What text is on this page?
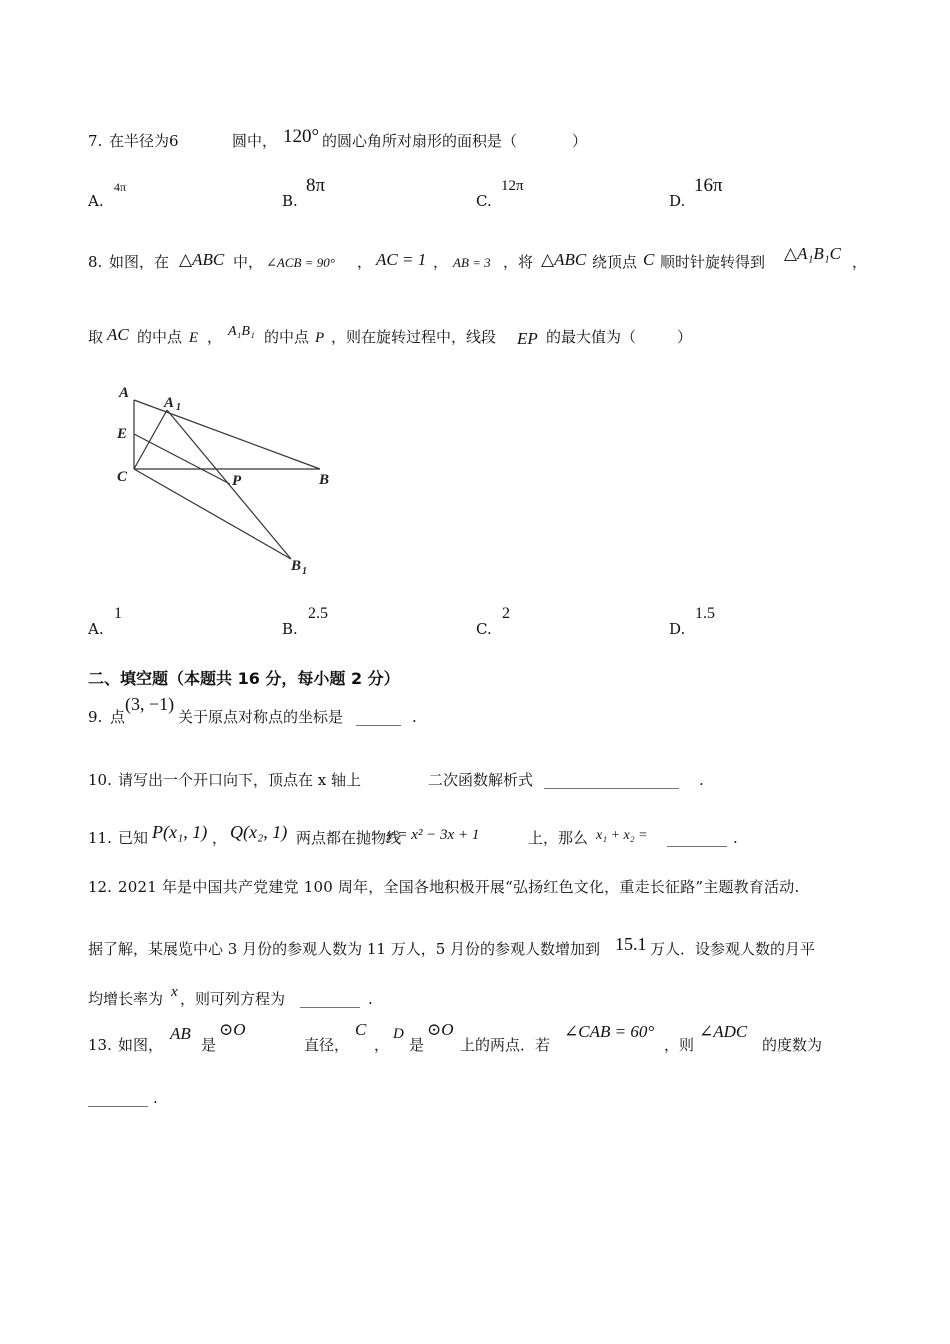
7. 在半径为6	圆中， 120° 的圆心角所对扇形的面积是（	）
A.
4π
B.
8π
C.
12π
D.
16π
8. 如图，在 △ABC 中， ∠ACB = 90° ， AC = 1 ， AB = 3 ，将 △ABC 绕顶点 C 顺时针旋转得到 △A₁B₁C ，
取 AC 的中点 E ， A₁B₁ 的中点 P ，则在旋转过程中，线段 EP 的最大值为（	）
A
A 1
E
C	P	B
B 1
A.
1
B.
2.5
C.
2
D.
1.5
二、填空题（本题共 16 分，每小题 2 分）
9. 点
(3, −1)
关于原点对称点的坐标是 ______ .
10. 请写出一个开口向下，顶点在 x 轴上	二次函数解析式 __________________ .
11. 已知 P(x₁, 1) ， Q(x₂, 1) 两点都在抛物线
y = x² − 3x + 1	上，那么 x₁ + x₂ = ________ .
12. 2021 年是中国共产党建党 100 周年，全国各地积极开展“弘扬红色文化，重走长征路”主题教育活动.
据了解，某展览中心 3 月份的参观人数为 11 万人，5 月份的参观人数增加到 15.1 万人．设参观人数的月平
均增长率为 x ，则可列方程为 ________ .
13. 如图，
AB
是
⊙O
直径，
C
，
D
是
⊙O
上的两点．若
∠CAB = 60°
，则
∠ADC
的度数为
________ .
